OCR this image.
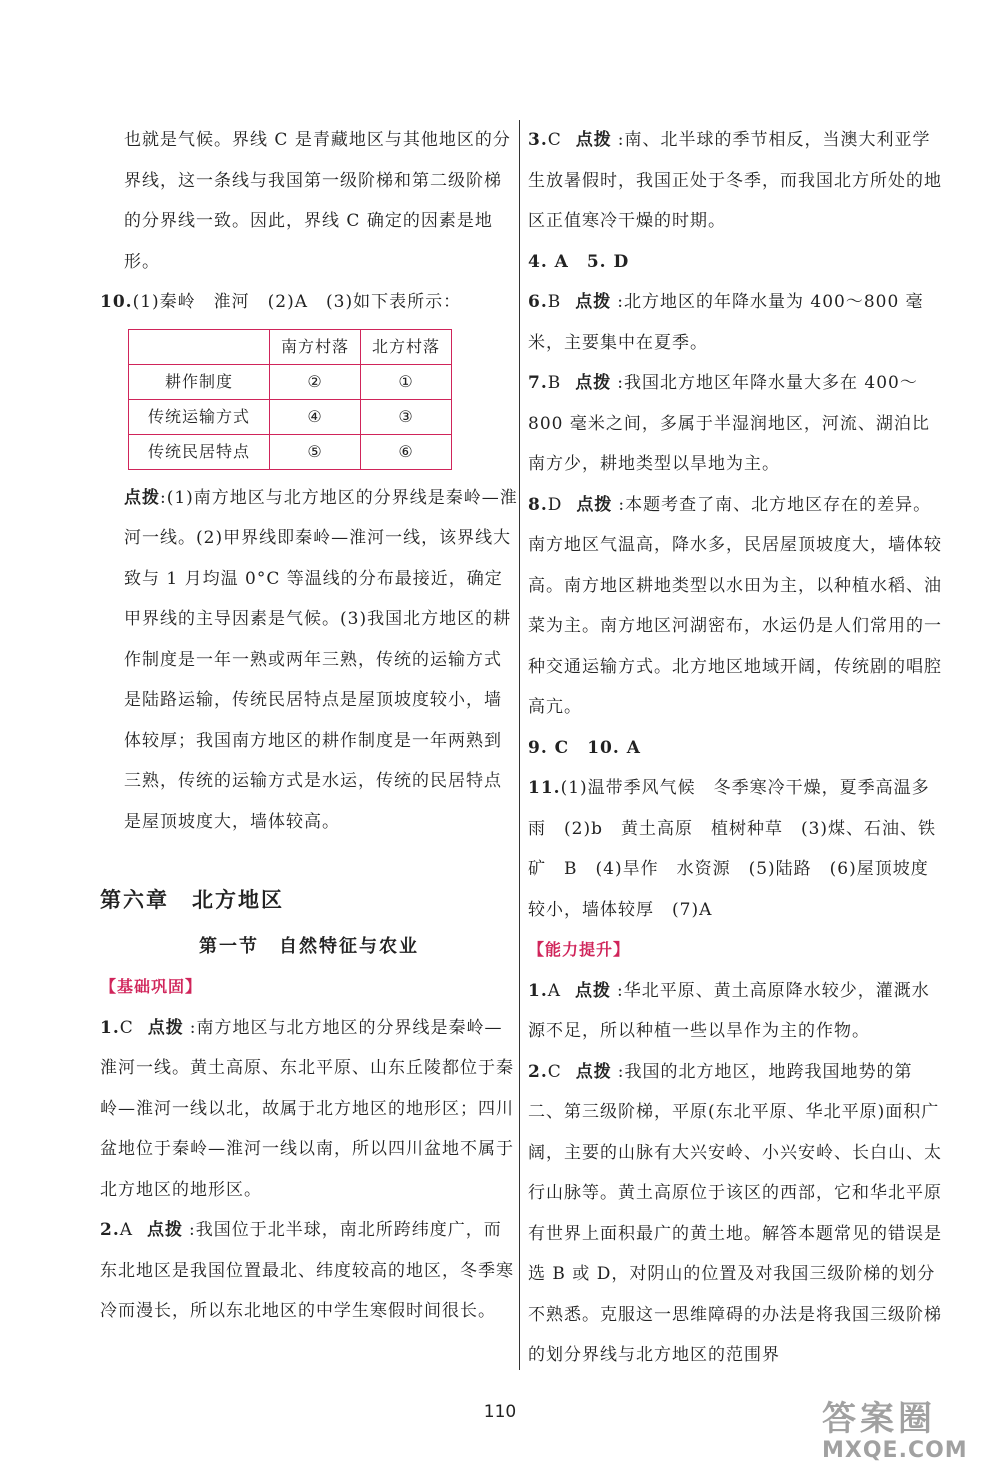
也就是气候。界线 C 是青藏地区与其他地区的分界线，这一条线与我国第一级阶梯和第二级阶梯的分界线一致。因此，界线 C 确定的因素是地形。

10.(1)秦岭　淮河　(2)A　(3)如下表所示：

	南方村落	北方村落
耕作制度	②	①
传统运输方式	④	③
传统民居特点	⑤	⑥

点拨:(1)南方地区与北方地区的分界线是秦岭—淮河一线。(2)甲界线即秦岭—淮河一线，该界线大致与 1 月均温 0°C 等温线的分布最接近，确定甲界线的主导因素是气候。(3)我国北方地区的耕作制度是一年一熟或两年三熟，传统的运输方式是陆路运输，传统民居特点是屋顶坡度较小，墙体较厚；我国南方地区的耕作制度是一年两熟到三熟，传统的运输方式是水运，传统的民居特点是屋顶坡度大，墙体较高。

第六章　北方地区
第一节　自然特征与农业
【基础巩固】

1.C 点拨 :南方地区与北方地区的分界线是秦岭—淮河一线。黄土高原、东北平原、山东丘陵都位于秦岭—淮河一线以北，故属于北方地区的地形区；四川盆地位于秦岭—淮河一线以南，所以四川盆地不属于北方地区的地形区。

2.A 点拨 :我国位于北半球，南北所跨纬度广，而东北地区是我国位置最北、纬度较高的地区，冬季寒冷而漫长，所以东北地区的中学生寒假时间很长。

3.C 点拨 :南、北半球的季节相反，当澳大利亚学生放暑假时，我国正处于冬季，而我国北方所处的地区正值寒冷干燥的时期。

4. A　5. D

6.B 点拨 :北方地区的年降水量为 400～800 毫米，主要集中在夏季。

7.B 点拨 :我国北方地区年降水量大多在 400～800 毫米之间，多属于半湿润地区，河流、湖泊比南方少，耕地类型以旱地为主。

8.D 点拨 :本题考查了南、北方地区存在的差异。南方地区气温高，降水多，民居屋顶坡度大，墙体较高。南方地区耕地类型以水田为主，以种植水稻、油菜为主。南方地区河湖密布，水运仍是人们常用的一种交通运输方式。北方地区地域开阔，传统剧的唱腔高亢。

9. C　10. A

11.(1)温带季风气候　冬季寒冷干燥，夏季高温多雨　(2)b　黄土高原　植树种草　(3)煤、石油、铁矿　B　(4)旱作　水资源　(5)陆路　(6)屋顶坡度较小，墙体较厚　(7)A

【能力提升】

1.A 点拨 :华北平原、黄土高原降水较少，灌溉水源不足，所以种植一些以旱作为主的作物。

2.C 点拨 :我国的北方地区，地跨我国地势的第二、第三级阶梯，平原(东北平原、华北平原)面积广阔，主要的山脉有大兴安岭、小兴安岭、长白山、太行山脉等。黄土高原位于该区的西部，它和华北平原有世界上面积最广的黄土地。解答本题常见的错误是选 B 或 D，对阴山的位置及对我国三级阶梯的划分不熟悉。克服这一思维障碍的办法是将我国三级阶梯的划分界线与北方地区的范围界

110	答案圈
MXQE.COM
